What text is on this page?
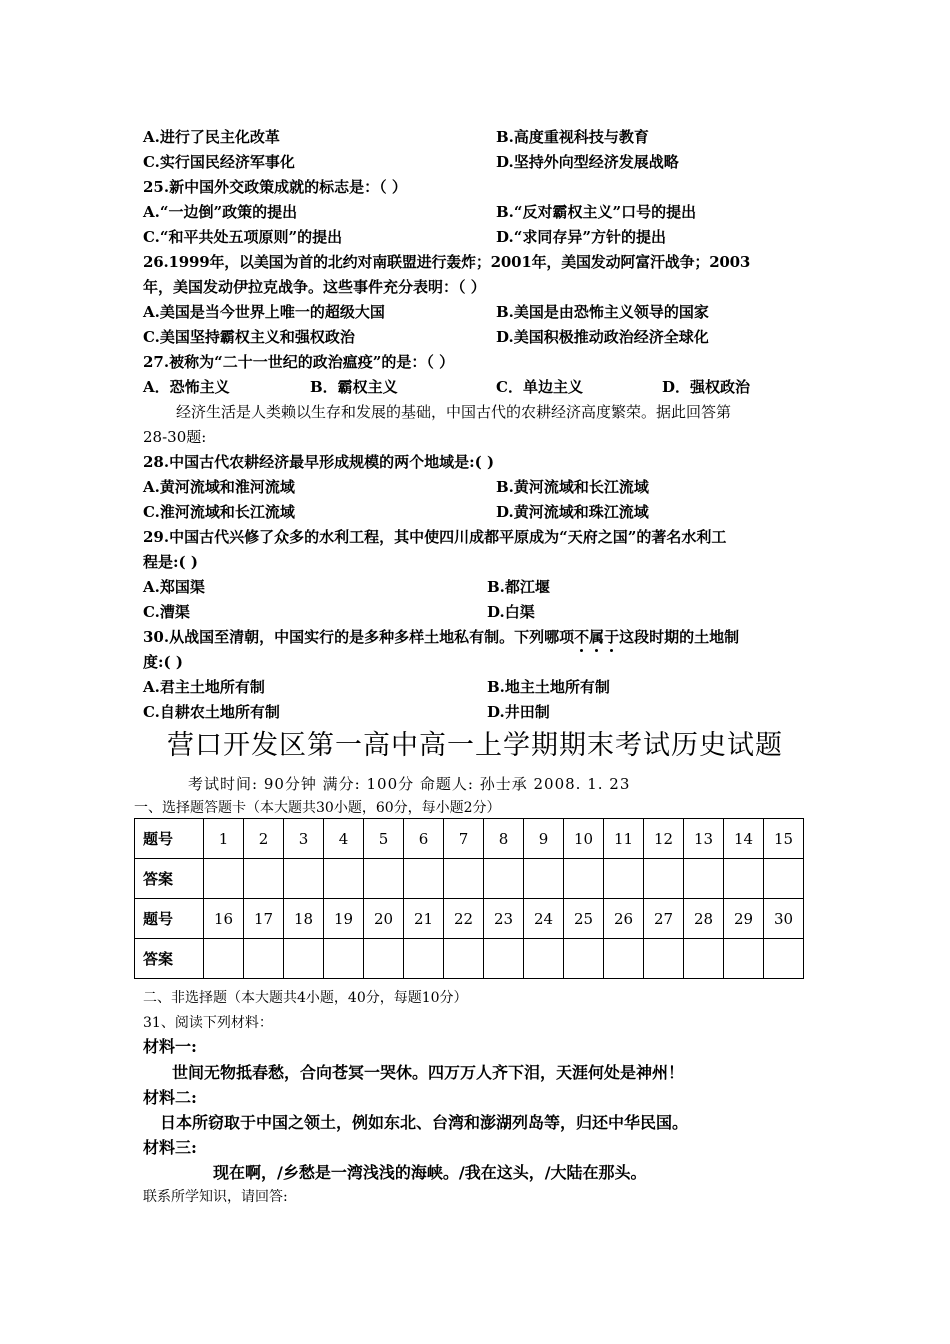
A.进行了民主化改革	B.高度重视科技与教育
C.实行国民经济军事化	D.坚持外向型经济发展战略
25.新中国外交政策成就的标志是：（ ）
A.“一边倒”政策的提出	B.“反对霸权主义”口号的提出
C.“和平共处五项原则”的提出	D.“求同存异”方针的提出
26.1999年，以美国为首的北约对南联盟进行轰炸；2001年，美国发动阿富汗战争；2003
年，美国发动伊拉克战争。这些事件充分表明：（ ）
A.美国是当今世界上唯一的超级大国	B.美国是由恐怖主义领导的国家
C.美国坚持霸权主义和强权政治	D.美国积极推动政治经济全球化
27.被称为“二十一世纪的政治瘟疫”的是：（ ）
A．恐怖主义	B．霸权主义	C．单边主义	D．强权政治
经济生活是人类赖以生存和发展的基础，中国古代的农耕经济高度繁荣。据此回答第
28-30题:
28.中国古代农耕经济最早形成规模的两个地域是:( )
A.黄河流域和淮河流域	B.黄河流域和长江流域
C.淮河流域和长江流域	D.黄河流域和珠江流域
29.中国古代兴修了众多的水利工程，其中使四川成都平原成为“天府之国”的著名水利工
程是:( )
A.郑国渠	B.都江堰
C.漕渠	D.白渠
30.从战国至清朝，中国实行的是多种多样土地私有制。下列哪项不属于这段时期的土地制
度:( )
A.君主土地所有制	B.地主土地所有制
C.自耕农土地所有制	D.井田制
营口开发区第一高中高一上学期期末考试历史试题
考试时间: 90分钟 满分: 100分 命题人: 孙士承 2008. 1. 23
一、选择题答题卡（本大题共30小题，60分，每小题2分）
题号	1	2	3	4	5	6	7	8	9	10	11	12	13	14	15
答案															
题号	16	17	18	19	20	21	22	23	24	25	26	27	28	29	30
答案															
二、非选择题（本大题共4小题，40分，每题10分）
31、阅读下列材料：
材料一:
世间无物抵春愁，合向苍冥一哭休。四万万人齐下泪，天涯何处是神州！
材料二:
日本所窃取于中国之领土，例如东北、台湾和澎湖列岛等，归还中华民国。
材料三:
现在啊，/乡愁是一湾浅浅的海峡。/我在这头，/大陆在那头。
联系所学知识，请回答:
